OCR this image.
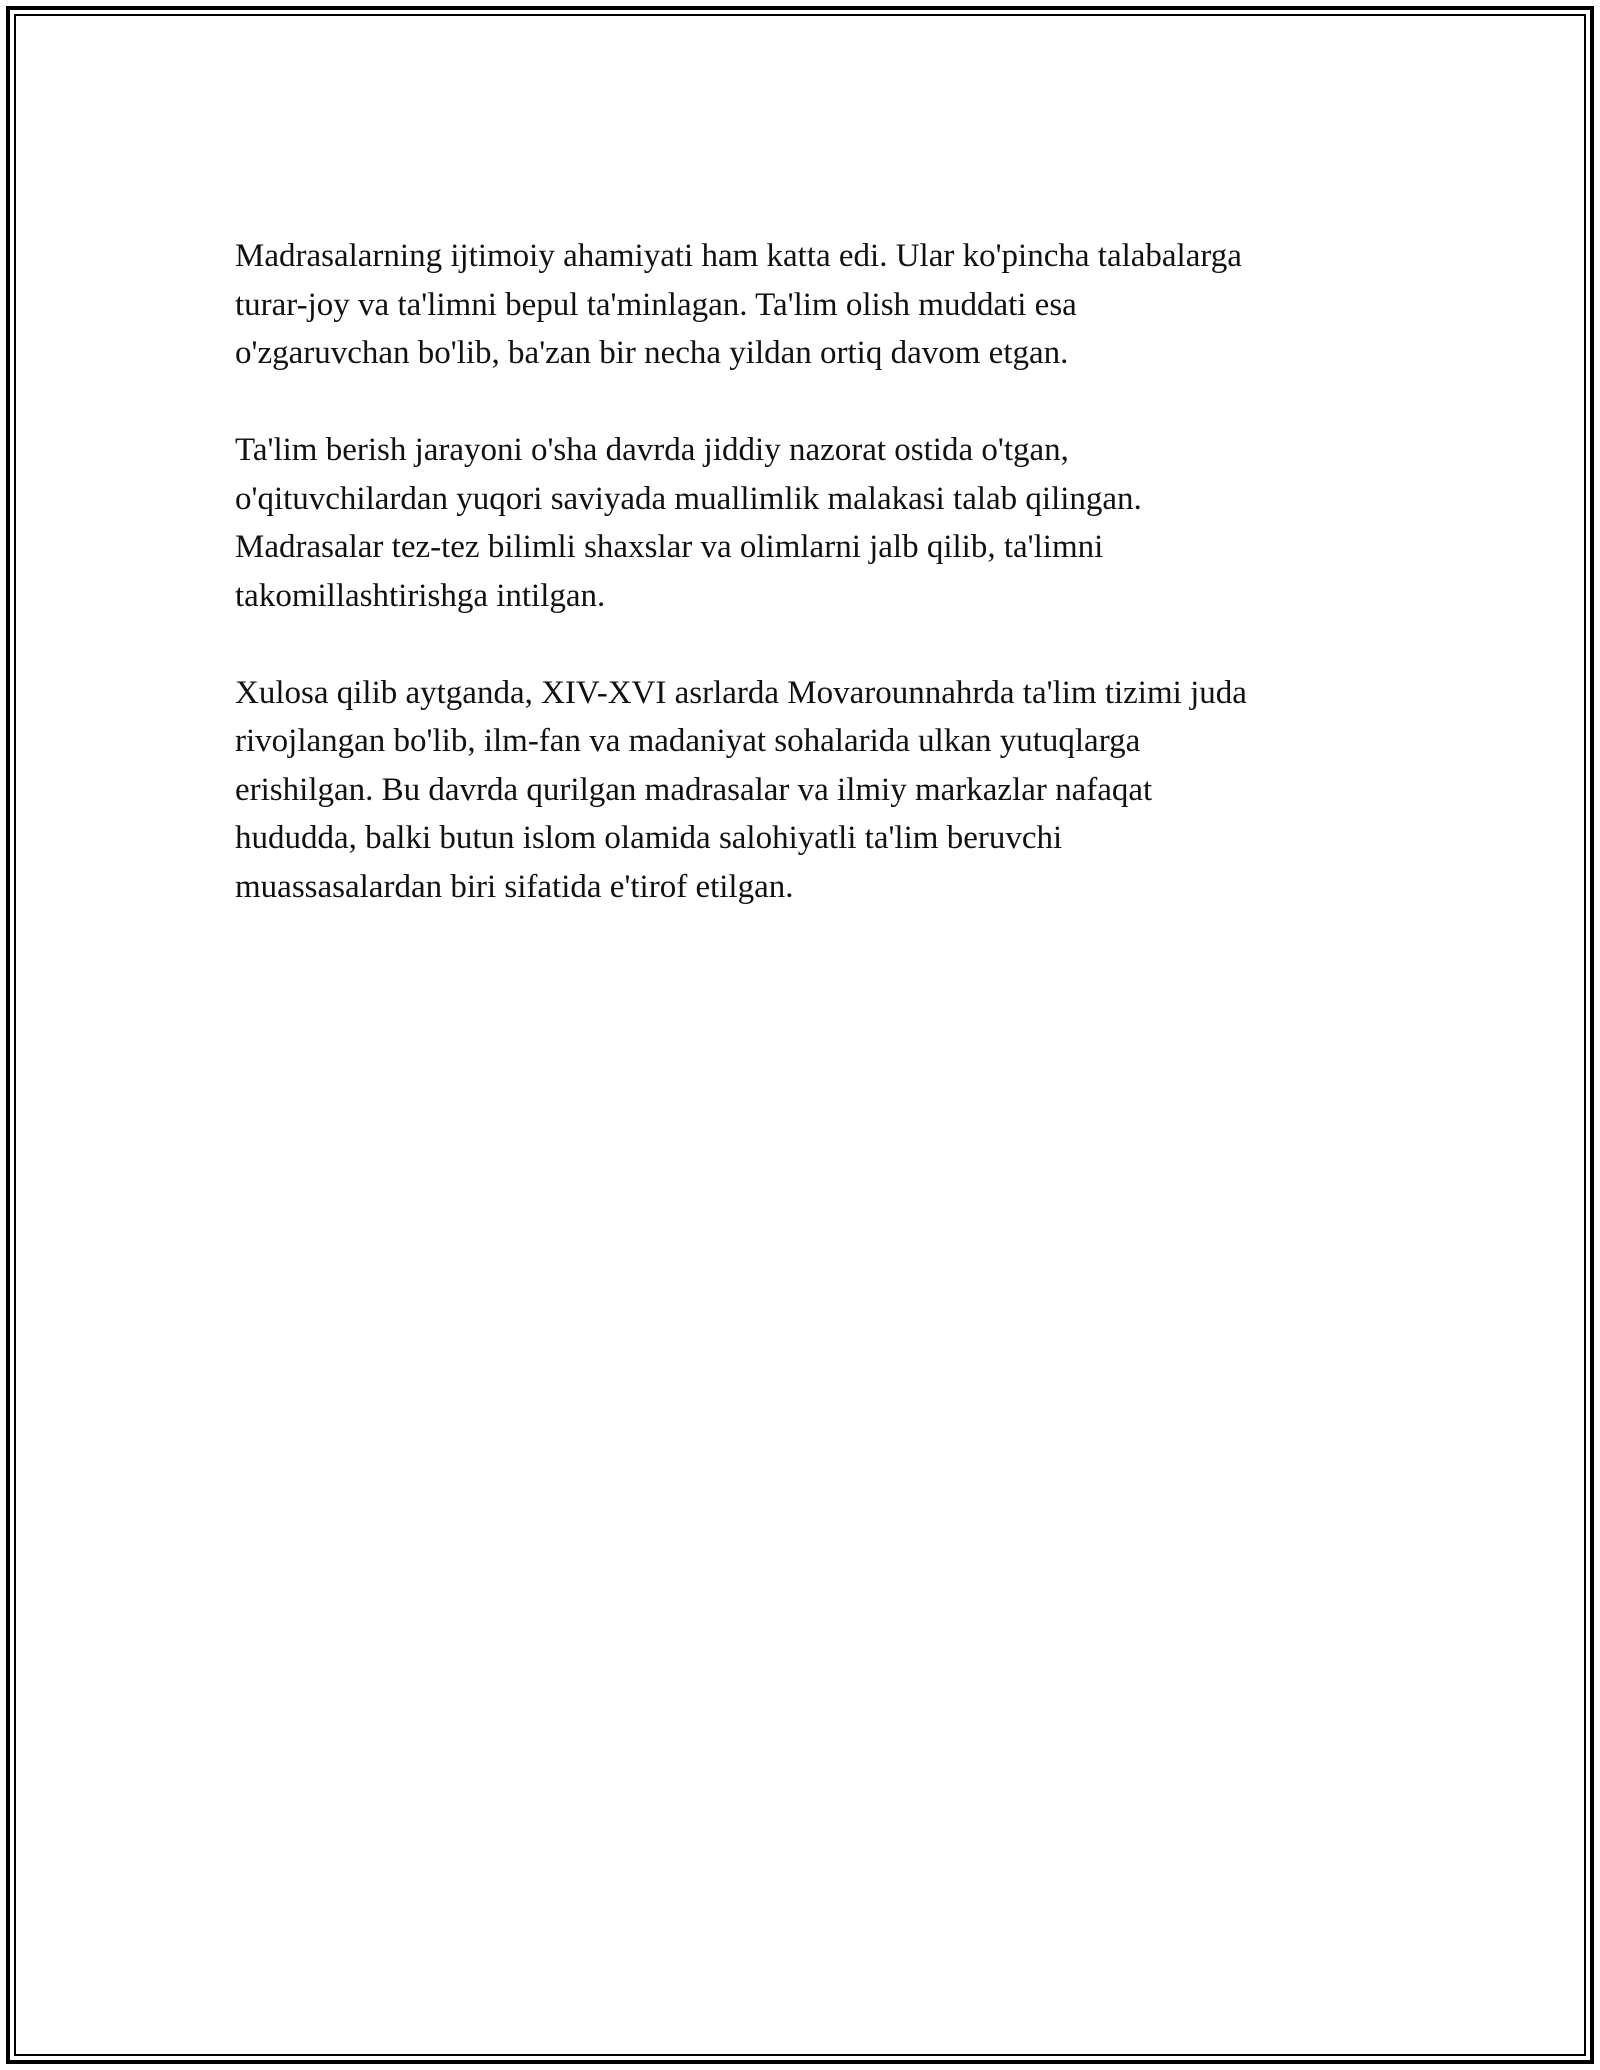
Madrasalarning ijtimoiy ahamiyati ham katta edi. Ular ko'pincha talabalarga
turar-joy va ta'limni bepul ta'minlagan. Ta'lim olish muddati esa
o'zgaruvchan bo'lib, ba'zan bir necha yildan ortiq davom etgan.

Ta'lim berish jarayoni o'sha davrda jiddiy nazorat ostida o'tgan,
o'qituvchilardan yuqori saviyada muallimlik malakasi talab qilingan.
Madrasalar tez-tez bilimli shaxslar va olimlarni jalb qilib, ta'limni
takomillashtirishga intilgan.

Xulosa qilib aytganda, XIV-XVI asrlarda Movarounnahrda ta'lim tizimi juda
rivojlangan bo'lib, ilm-fan va madaniyat sohalarida ulkan yutuqlarga
erishilgan. Bu davrda qurilgan madrasalar va ilmiy markazlar nafaqat
hududda, balki butun islom olamida salohiyatli ta'lim beruvchi
muassasalardan biri sifatida e'tirof etilgan.
